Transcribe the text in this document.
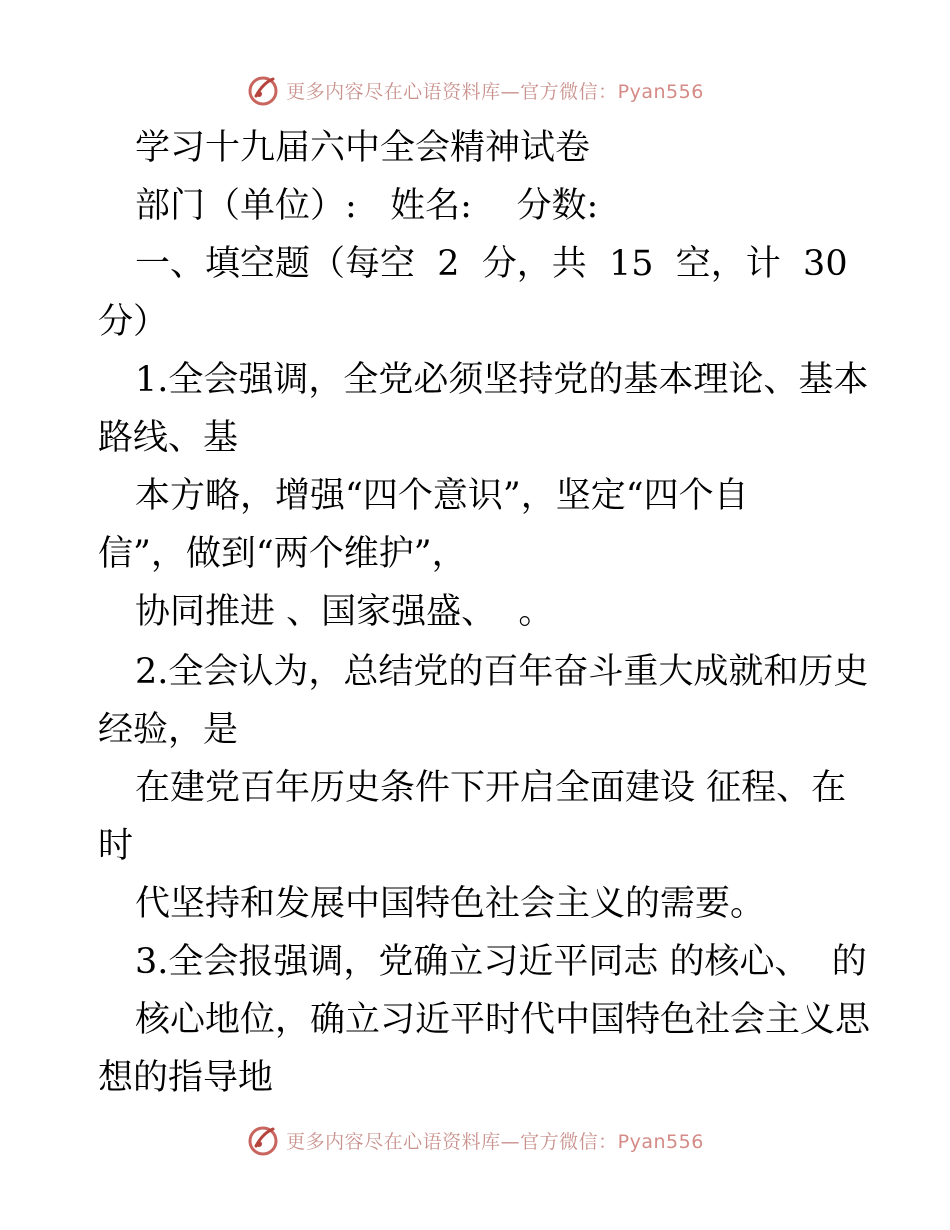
更多内容尽在心语资料库—官方微信：Pyan556
学习十九届六中全会精神试卷
部门（单位）:   姓名:    分数:
一、填空题（每空  2  分，共  15  空，计  30
分）
1.全会强调，全党必须坚持党的基本理论、基本
路线、基
本方略，增强“四个意识”，坚定“四个自
信”，做到“两个维护”，
协同推进 、国家强盛、  。
2.全会认为，总结党的百年奋斗重大成就和历史
经验，是
在建党百年历史条件下开启全面建设 征程、在
时
代坚持和发展中国特色社会主义的需要。
3.全会报强调，党确立习近平同志 的核心、  的
核心地位，确立习近平时代中国特色社会主义思
想的指导地
更多内容尽在心语资料库—官方微信：Pyan556
